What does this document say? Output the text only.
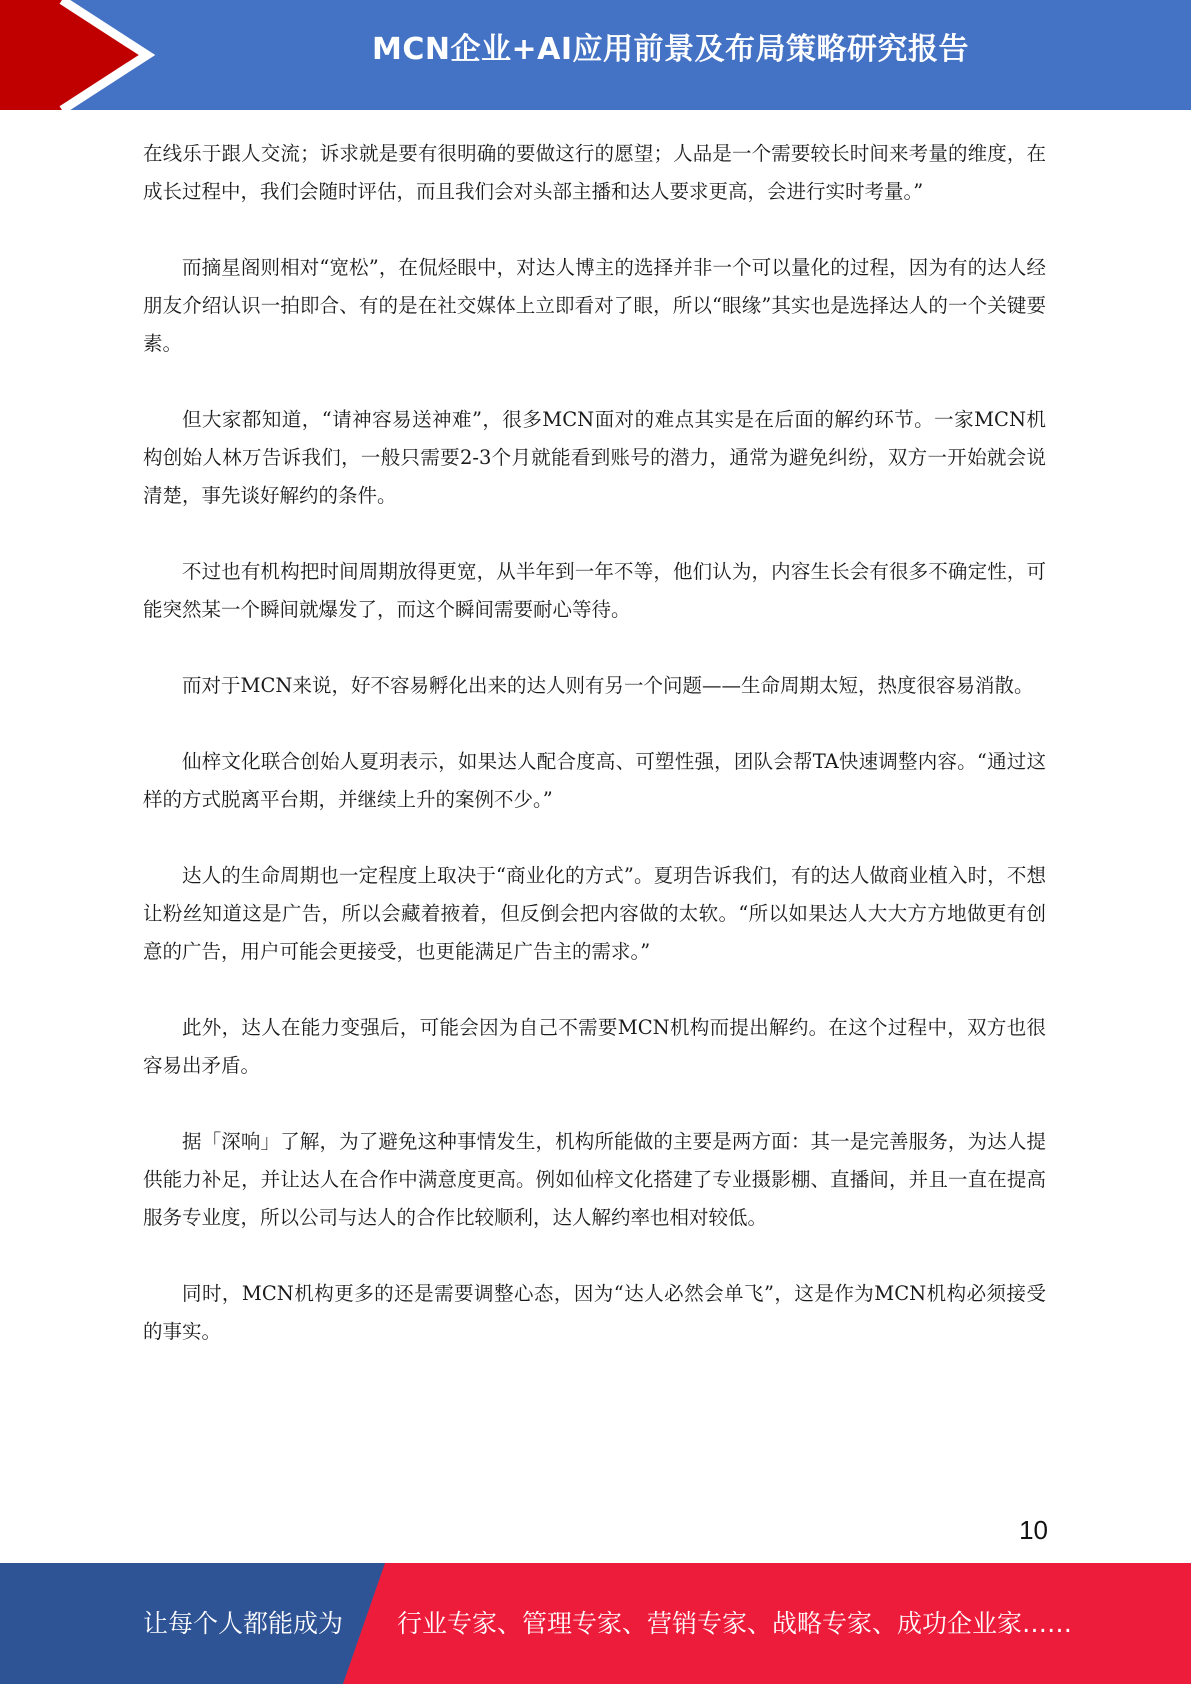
MCN企业+AI应用前景及布局策略研究报告

在线乐于跟人交流；诉求就是要有很明确的要做这行的愿望；人品是一个需要较长时间来考量的维度，在成长过程中，我们会随时评估，而且我们会对头部主播和达人要求更高，会进行实时考量。”

而摘星阁则相对“宽松”，在侃烃眼中，对达人博主的选择并非一个可以量化的过程，因为有的达人经朋友介绍认识一拍即合、有的是在社交媒体上立即看对了眼，所以“眼缘”其实也是选择达人的一个关键要素。

但大家都知道，“请神容易送神难”，很多MCN面对的难点其实是在后面的解约环节。一家MCN机构创始人林万告诉我们，一般只需要2-3个月就能看到账号的潜力，通常为避免纠纷，双方一开始就会说清楚，事先谈好解约的条件。

不过也有机构把时间周期放得更宽，从半年到一年不等，他们认为，内容生长会有很多不确定性，可能突然某一个瞬间就爆发了，而这个瞬间需要耐心等待。

而对于MCN来说，好不容易孵化出来的达人则有另一个问题——生命周期太短，热度很容易消散。

仙梓文化联合创始人夏玥表示，如果达人配合度高、可塑性强，团队会帮TA快速调整内容。“通过这样的方式脱离平台期，并继续上升的案例不少。”

达人的生命周期也一定程度上取决于“商业化的方式”。夏玥告诉我们，有的达人做商业植入时，不想让粉丝知道这是广告，所以会藏着掖着，但反倒会把内容做的太软。“所以如果达人大大方方地做更有创意的广告，用户可能会更接受，也更能满足广告主的需求。”

此外，达人在能力变强后，可能会因为自己不需要MCN机构而提出解约。在这个过程中，双方也很容易出矛盾。

据「深响」了解，为了避免这种事情发生，机构所能做的主要是两方面：其一是完善服务，为达人提供能力补足，并让达人在合作中满意度更高。例如仙梓文化搭建了专业摄影棚、直播间，并且一直在提高服务专业度，所以公司与达人的合作比较顺利，达人解约率也相对较低。

同时，MCN机构更多的还是需要调整心态，因为“达人必然会单飞”，这是作为MCN机构必须接受的事实。

10
让每个人都能成为 行业专家、管理专家、营销专家、战略专家、成功企业家……
